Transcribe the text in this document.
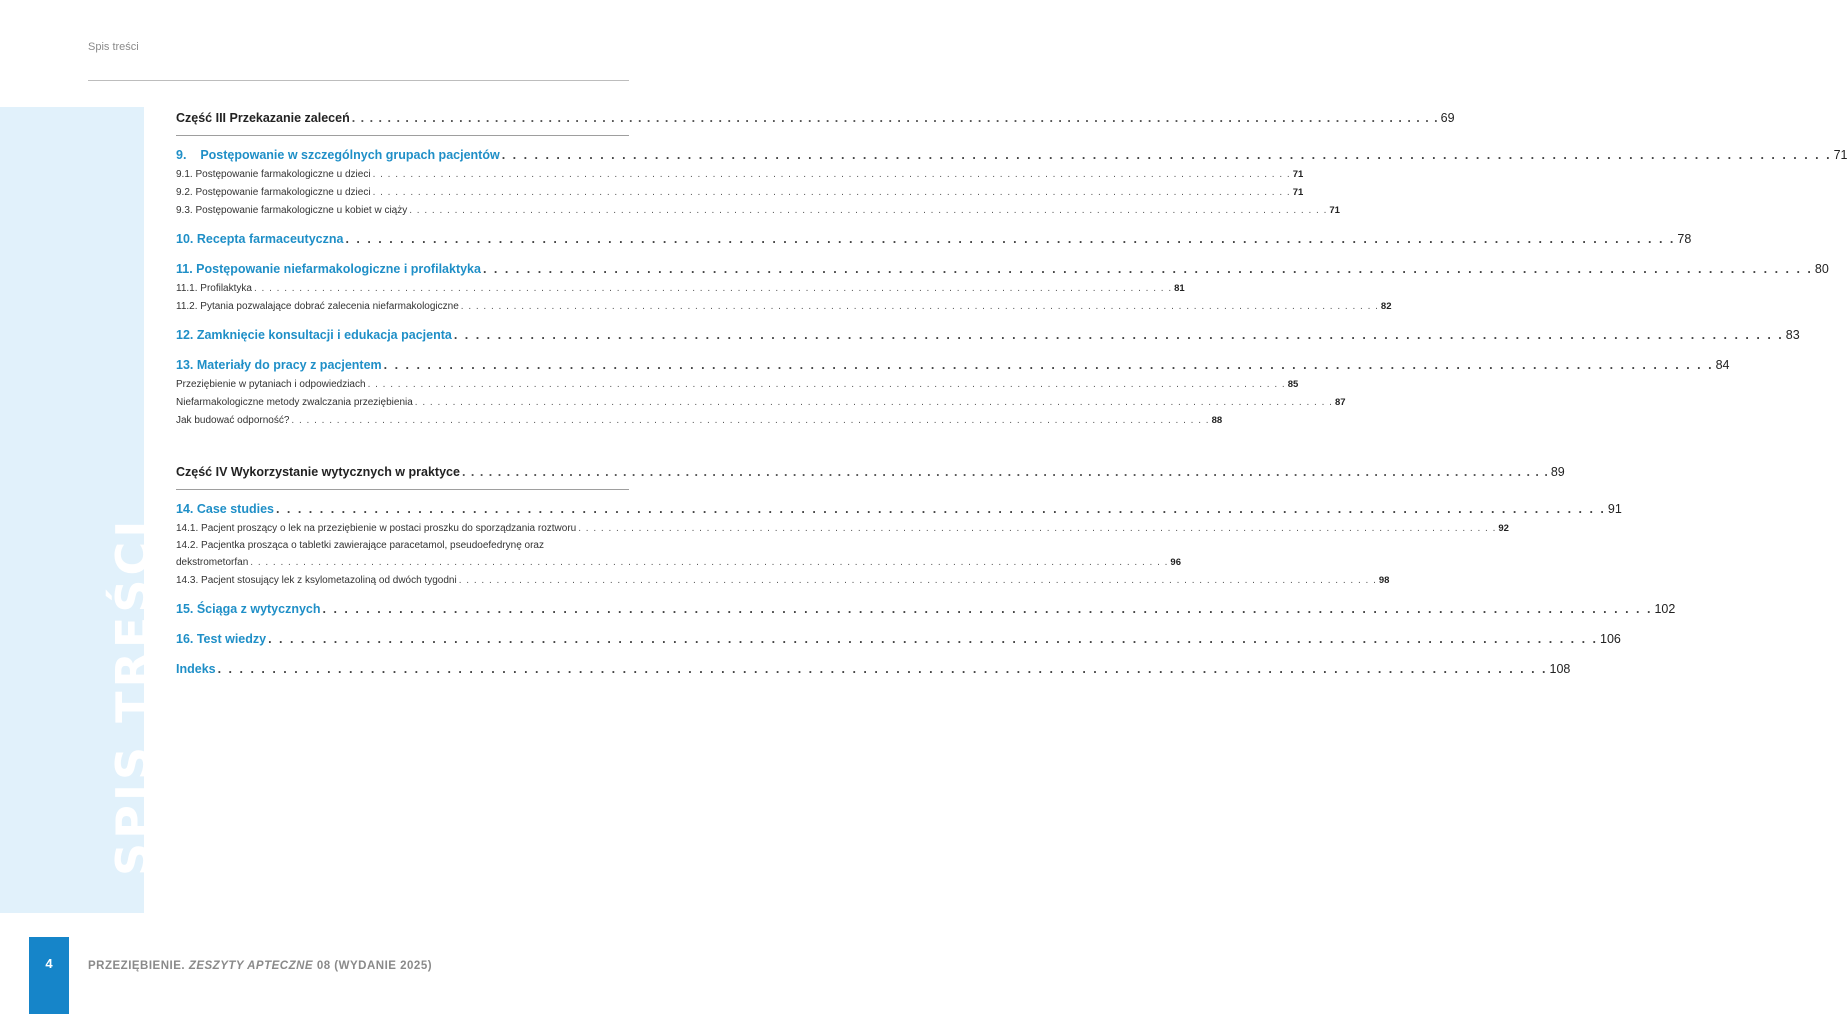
Spis treści
SPIS TREŚCI
Część III Przekazanie zaleceń . . . . . . . . . . . . . . . . . . . . . . . . . . . . . . . . . . . . . . . . . . . . . . . . . . . . . . . . . . . . . . . . . . . . . . . . . . . . . . . . . . . . . . . . . . . . . . . . . . . . . . . . . . . . . . . . . . . . . . . . . . 69
9.    Postępowanie w szczególnych grupach pacjentów . . . . . . . . . . . . . . . . . . . . . . . . . . . . . . . . . . . . . . . . . . . . . . . . . . . . . . . . . . . . . . . . . . . . . . . . . . . . . . . . . . . . . . . . . . . . . . . . . . . . . . . . . . . . . . . . . . . . . . . . . . 71
9.1. Postępowanie farmakologiczne u dzieci . . . . . . . . . . . . . . . . . . . . . . . . . . . . . . . . . . . . . . . . . . . . . . . . . . . . . . . . . . . . . . . . . . . . . . . . . . . . . . . . . . . . . . . . . . . . . . . . . . . . . . . . . . . . . . . . . . . . . . . . . . 71
9.2. Postępowanie farmakologiczne u dzieci . . . . . . . . . . . . . . . . . . . . . . . . . . . . . . . . . . . . . . . . . . . . . . . . . . . . . . . . . . . . . . . . . . . . . . . . . . . . . . . . . . . . . . . . . . . . . . . . . . . . . . . . . . . . . . . . . . . . . . . . . . 71
9.3. Postępowanie farmakologiczne u kobiet w ciąży . . . . . . . . . . . . . . . . . . . . . . . . . . . . . . . . . . . . . . . . . . . . . . . . . . . . . . . . . . . . . . . . . . . . . . . . . . . . . . . . . . . . . . . . . . . . . . . . . . . . . . . . . . . . . . . . . . . . . . . . . . 71
10. Recepta farmaceutyczna . . . . . . . . . . . . . . . . . . . . . . . . . . . . . . . . . . . . . . . . . . . . . . . . . . . . . . . . . . . . . . . . . . . . . . . . . . . . . . . . . . . . . . . . . . . . . . . . . . . . . . . . . . . . . . . . . . . . . . . . . . 78
11. Postępowanie niefarmakologiczne i profilaktyka . . . . . . . . . . . . . . . . . . . . . . . . . . . . . . . . . . . . . . . . . . . . . . . . . . . . . . . . . . . . . . . . . . . . . . . . . . . . . . . . . . . . . . . . . . . . . . . . . . . . . . . . . . . . . . . . . . . . . . . . . . 80
11.1. Profilaktyka . . . . . . . . . . . . . . . . . . . . . . . . . . . . . . . . . . . . . . . . . . . . . . . . . . . . . . . . . . . . . . . . . . . . . . . . . . . . . . . . . . . . . . . . . . . . . . . . . . . . . . . . . . . . . . . . . . . . . . . . . . 81
11.2. Pytania pozwalające dobrać zalecenia niefarmakologiczne . . . . . . . . . . . . . . . . . . . . . . . . . . . . . . . . . . . . . . . . . . . . . . . . . . . . . . . . . . . . . . . . . . . . . . . . . . . . . . . . . . . . . . . . . . . . . . . . . . . . . . . . . . . . . . . . . . . . . . . . . . 82
12. Zamknięcie konsultacji i edukacja pacjenta . . . . . . . . . . . . . . . . . . . . . . . . . . . . . . . . . . . . . . . . . . . . . . . . . . . . . . . . . . . . . . . . . . . . . . . . . . . . . . . . . . . . . . . . . . . . . . . . . . . . . . . . . . . . . . . . . . . . . . . . . . 83
13. Materiały do pracy z pacjentem . . . . . . . . . . . . . . . . . . . . . . . . . . . . . . . . . . . . . . . . . . . . . . . . . . . . . . . . . . . . . . . . . . . . . . . . . . . . . . . . . . . . . . . . . . . . . . . . . . . . . . . . . . . . . . . . . . . . . . . . . . 84
Przeziębienie w pytaniach i odpowiedziach . . . . . . . . . . . . . . . . . . . . . . . . . . . . . . . . . . . . . . . . . . . . . . . . . . . . . . . . . . . . . . . . . . . . . . . . . . . . . . . . . . . . . . . . . . . . . . . . . . . . . . . . . . . . . . . . . . . . . . . . . . 85
Niefarmakologiczne metody zwalczania przeziębienia . . . . . . . . . . . . . . . . . . . . . . . . . . . . . . . . . . . . . . . . . . . . . . . . . . . . . . . . . . . . . . . . . . . . . . . . . . . . . . . . . . . . . . . . . . . . . . . . . . . . . . . . . . . . . . . . . . . . . . . . . . 87
Jak budować odporność? . . . . . . . . . . . . . . . . . . . . . . . . . . . . . . . . . . . . . . . . . . . . . . . . . . . . . . . . . . . . . . . . . . . . . . . . . . . . . . . . . . . . . . . . . . . . . . . . . . . . . . . . . . . . . . . . . . . . . . . . . . 88
Część IV Wykorzystanie wytycznych w praktyce . . . . . . . . . . . . . . . . . . . . . . . . . . . . . . . . . . . . . . . . . . . . . . . . . . . . . . . . . . . . . . . . . . . . . . . . . . . . . . . . . . . . . . . . . . . . . . . . . . . . . . . . . . . . . . . . . . . . . . . . . . 89
14. Case studies . . . . . . . . . . . . . . . . . . . . . . . . . . . . . . . . . . . . . . . . . . . . . . . . . . . . . . . . . . . . . . . . . . . . . . . . . . . . . . . . . . . . . . . . . . . . . . . . . . . . . . . . . . . . . . . . . . . . . . . . . . 91
14.1. Pacjent proszący o lek na przeziębienie w postaci proszku do sporządzania roztworu . . . . . . . . . . . . . . . . . . . . . . . . . . . . . . . . . . . . . . . . . . . . . . . . . . . . . . . . . . . . . . . . . . . . . . . . . . . . . . . . . . . . . . . . . . . . . . . . . . . . . . . . . . . . . . . . . . . . . . . . . . 92
14.2. Pacjentka prosząca o tabletki zawierające paracetamol, pseudoefedrynę oraz
dekstrometorfan . . . . . . . . . . . . . . . . . . . . . . . . . . . . . . . . . . . . . . . . . . . . . . . . . . . . . . . . . . . . . . . . . . . . . . . . . . . . . . . . . . . . . . . . . . . . . . . . . . . . . . . . . . . . . . . . . . . . . . . . . . 96
14.3. Pacjent stosujący lek z ksylometazoliną od dwóch tygodni . . . . . . . . . . . . . . . . . . . . . . . . . . . . . . . . . . . . . . . . . . . . . . . . . . . . . . . . . . . . . . . . . . . . . . . . . . . . . . . . . . . . . . . . . . . . . . . . . . . . . . . . . . . . . . . . . . . . . . . . . . 98
15. Ściąga z wytycznych . . . . . . . . . . . . . . . . . . . . . . . . . . . . . . . . . . . . . . . . . . . . . . . . . . . . . . . . . . . . . . . . . . . . . . . . . . . . . . . . . . . . . . . . . . . . . . . . . . . . . . . . . . . . . . . . . . . . . . . . . . 102
16. Test wiedzy . . . . . . . . . . . . . . . . . . . . . . . . . . . . . . . . . . . . . . . . . . . . . . . . . . . . . . . . . . . . . . . . . . . . . . . . . . . . . . . . . . . . . . . . . . . . . . . . . . . . . . . . . . . . . . . . . . . . . . . . . . 106
Indeks . . . . . . . . . . . . . . . . . . . . . . . . . . . . . . . . . . . . . . . . . . . . . . . . . . . . . . . . . . . . . . . . . . . . . . . . . . . . . . . . . . . . . . . . . . . . . . . . . . . . . . . . . . . . . . . . . . . . . . . . . . 108
4	PRZEZIĘBIENIE. ZESZYTY APTECZNE 08 (WYDANIE 2025)
